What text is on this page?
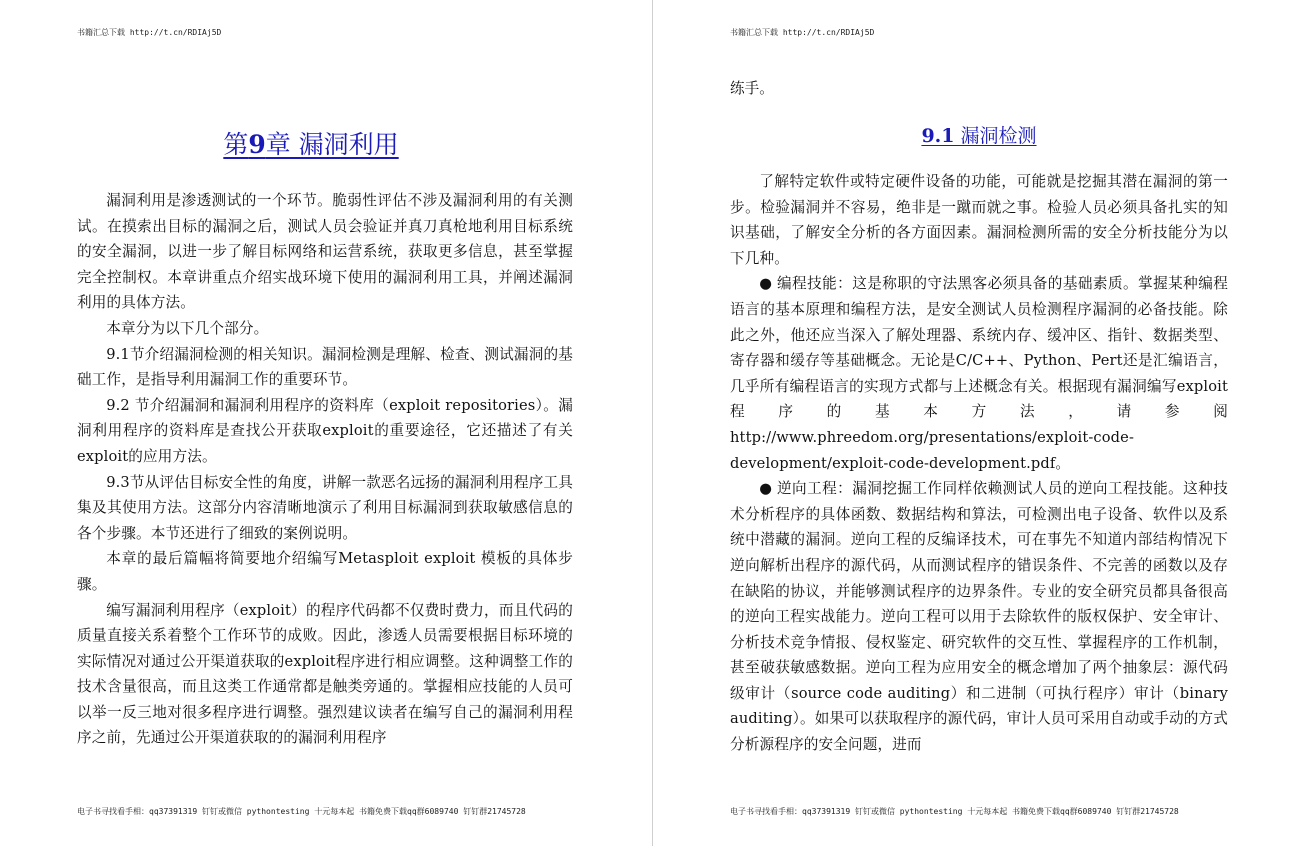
书籍汇总下载 http://t.cn/RDIAj5D
第9章 漏洞利用

漏洞利用是渗透测试的一个环节。脆弱性评估不涉及漏洞利用的有关测试。在摸索出目标的漏洞之后，测试人员会验证并真刀真枪地利用目标系统的安全漏洞，以进一步了解目标网络和运营系统，获取更多信息，甚至掌握完全控制权。本章讲重点介绍实战环境下使用的漏洞利用工具，并阐述漏洞利用的具体方法。

本章分为以下几个部分。

9.1节介绍漏洞检测的相关知识。漏洞检测是理解、检查、测试漏洞的基础工作，是指导利用漏洞工作的重要环节。

9.2 节介绍漏洞和漏洞利用程序的资料库（exploit repositories）。漏洞利用程序的资料库是查找公开获取exploit的重要途径，它还描述了有关exploit的应用方法。

9.3节从评估目标安全性的角度，讲解一款恶名远扬的漏洞利用程序工具集及其使用方法。这部分内容清晰地演示了利用目标漏洞到获取敏感信息的各个步骤。本节还进行了细致的案例说明。

本章的最后篇幅将简要地介绍编写Metasploit exploit 模板的具体步骤。

编写漏洞利用程序（exploit）的程序代码都不仅费时费力，而且代码的质量直接关系着整个工作环节的成败。因此，渗透人员需要根据目标环境的实际情况对通过公开渠道获取的exploit程序进行相应调整。这种调整工作的技术含量很高，而且这类工作通常都是触类旁通的。掌握相应技能的人员可以举一反三地对很多程序进行调整。强烈建议读者在编写自己的漏洞利用程序之前，先通过公开渠道获取的的漏洞利用程序

电子书寻找看手相：qq37391319 钉钉或微信 pythontesting 十元每本起 书籍免费下载qq群6089740 钉钉群21745728
书籍汇总下载 http://t.cn/RDIAj5D
练手。
9.1 漏洞检测

了解特定软件或特定硬件设备的功能，可能就是挖掘其潜在漏洞的第一步。检验漏洞并不容易，绝非是一蹴而就之事。检验人员必须具备扎实的知识基础，了解安全分析的各方面因素。漏洞检测所需的安全分析技能分为以下几种。

● 编程技能：这是称职的守法黑客必须具备的基础素质。掌握某种编程语言的基本原理和编程方法，是安全测试人员检测程序漏洞的必备技能。除此之外，他还应当深入了解处理器、系统内存、缓冲区、指针、数据类型、寄存器和缓存等基础概念。无论是C/C++、Python、Pert还是汇编语言，几乎所有编程语言的实现方式都与上述概念有关。根据现有漏洞编写exploit程序的基本方法，请参阅http://www.phreedom.org/presentations/exploit-code-development/exploit-code-development.pdf。

● 逆向工程：漏洞挖掘工作同样依赖测试人员的逆向工程技能。这种技术分析程序的具体函数、数据结构和算法，可检测出电子设备、软件以及系统中潜藏的漏洞。逆向工程的反编译技术，可在事先不知道内部结构情况下逆向解析出程序的源代码，从而测试程序的错误条件、不完善的函数以及存在缺陷的协议，并能够测试程序的边界条件。专业的安全研究员都具备很高的逆向工程实战能力。逆向工程可以用于去除软件的版权保护、安全审计、分析技术竞争情报、侵权鉴定、研究软件的交互性、掌握程序的工作机制，甚至破获敏感数据。逆向工程为应用安全的概念增加了两个抽象层：源代码级审计（source code auditing）和二进制（可执行程序）审计（binary auditing）。如果可以获取程序的源代码，审计人员可采用自动或手动的方式分析源程序的安全问题，进而

电子书寻找看手相：qq37391319 钉钉或微信 pythontesting 十元每本起 书籍免费下载qq群6089740 钉钉群21745728
